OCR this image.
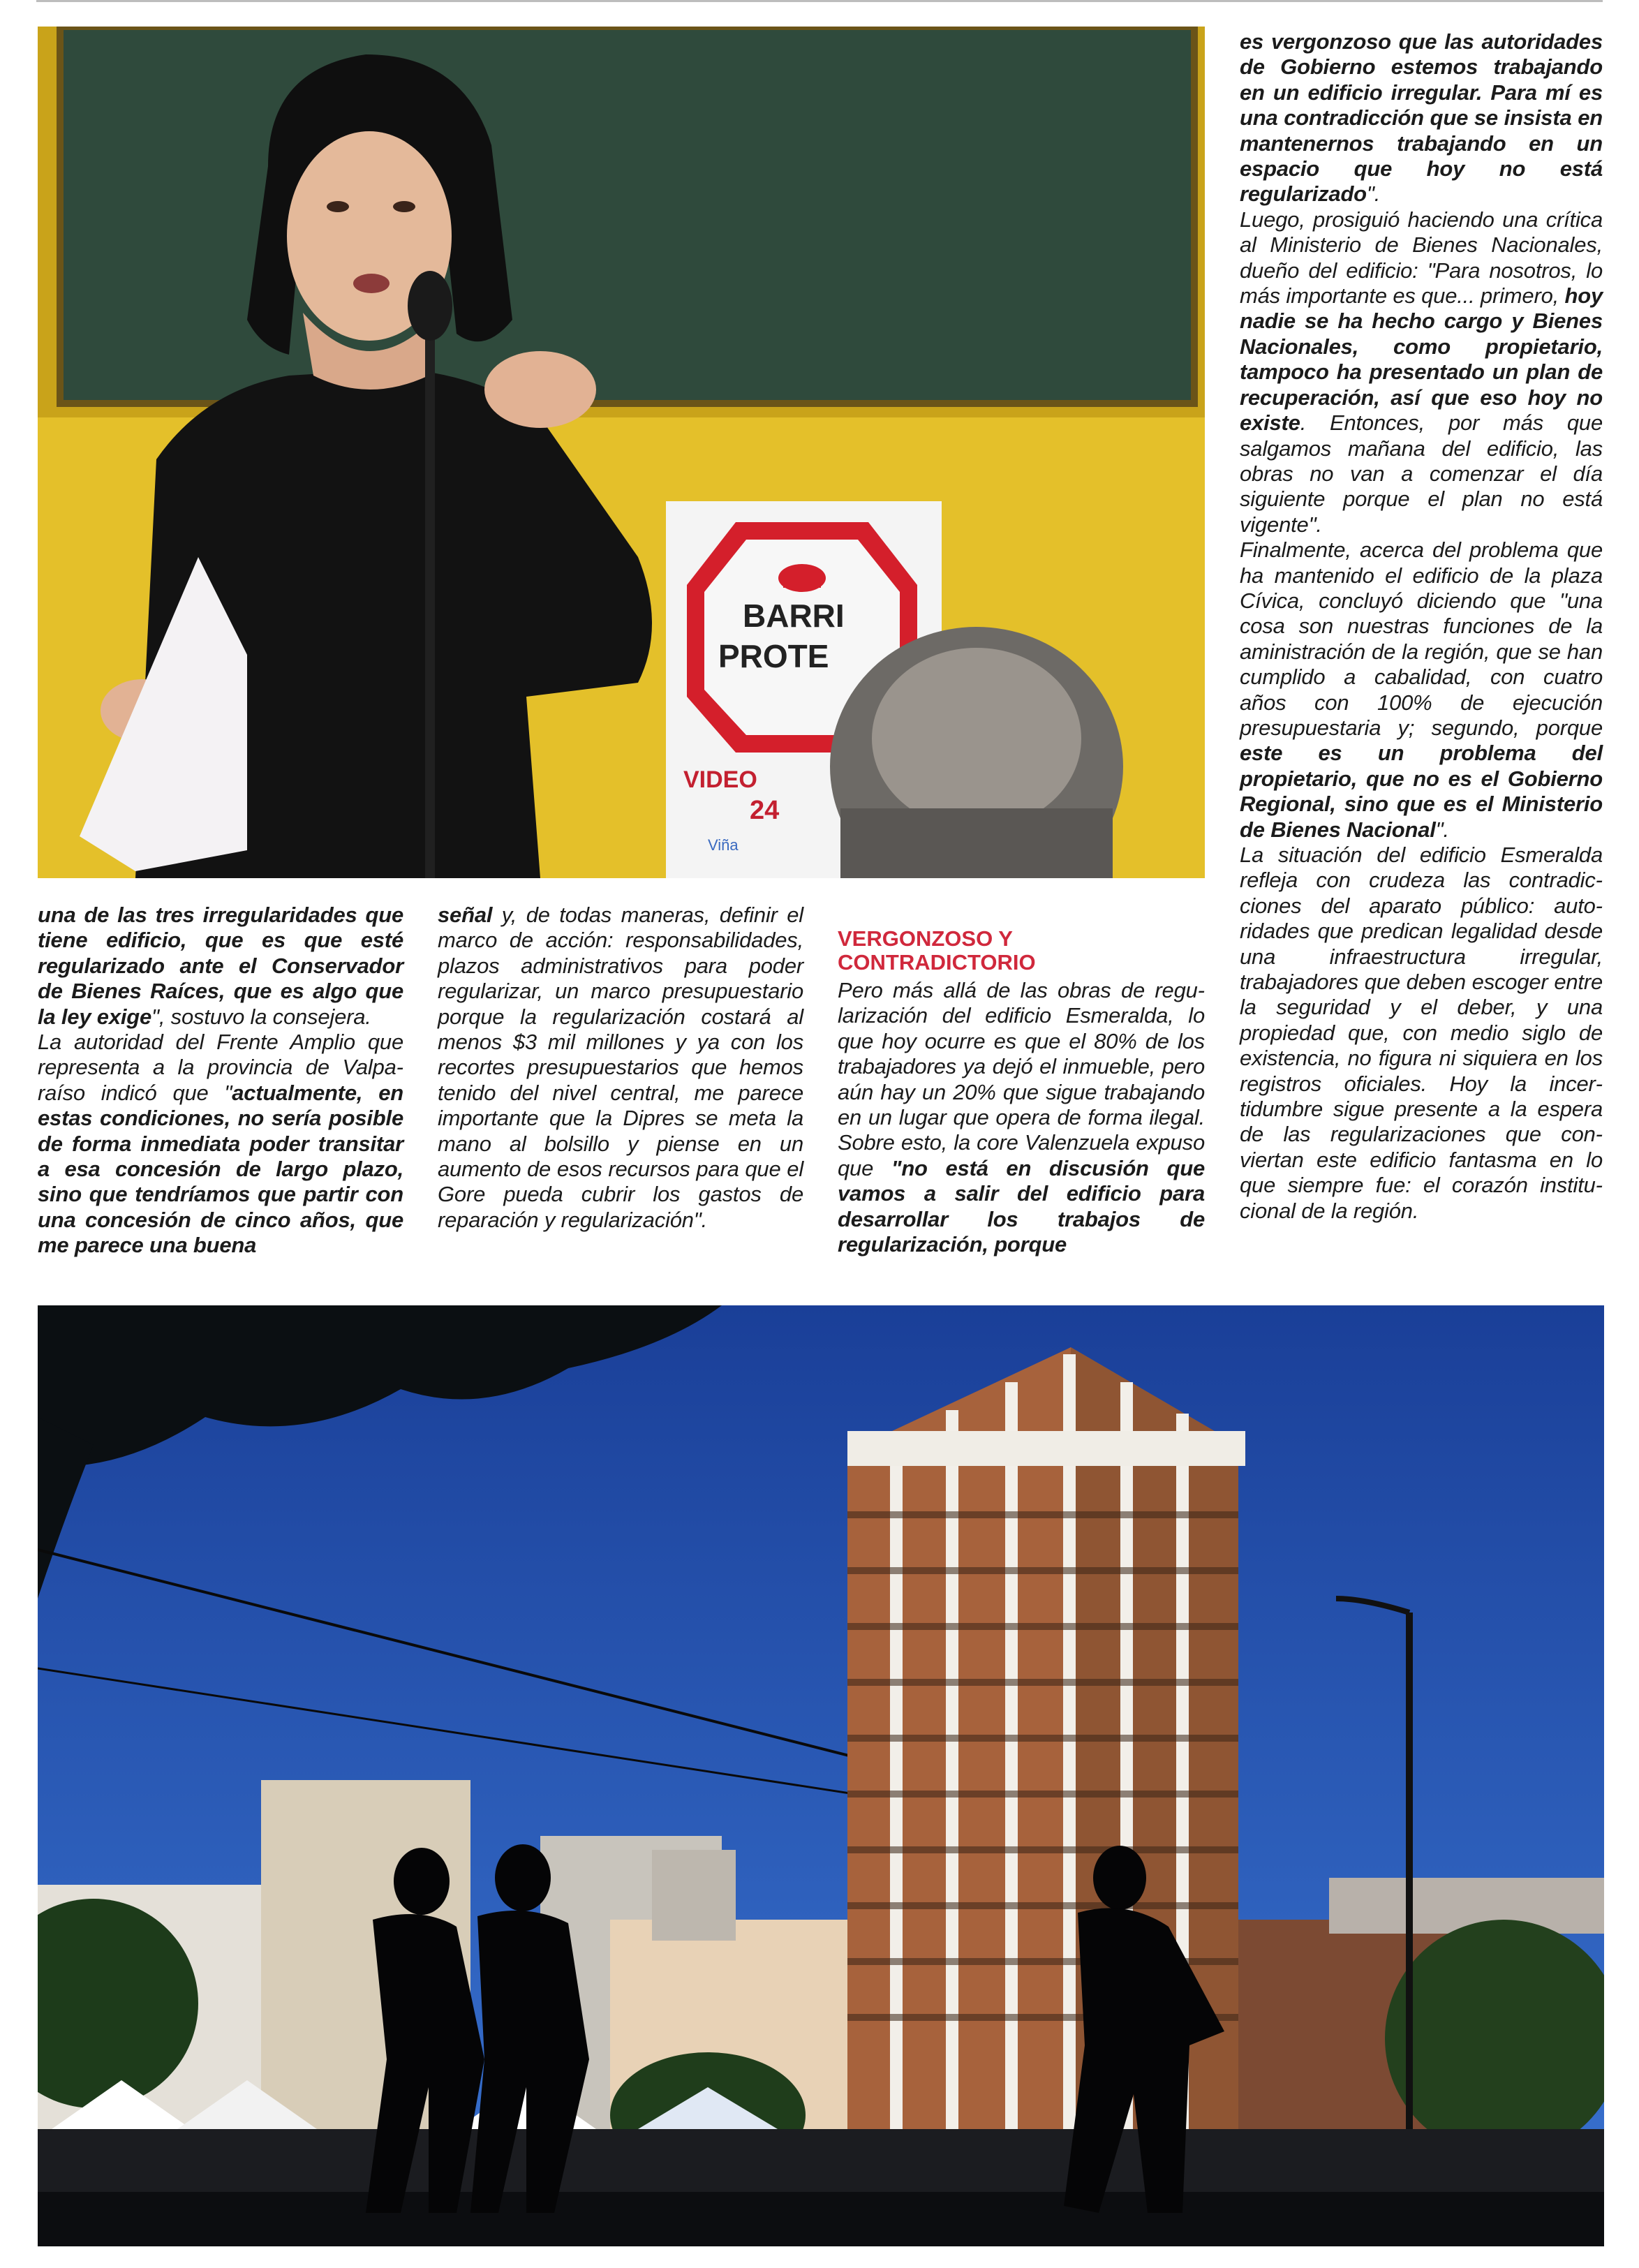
BARRI
PROTE
VIDEO
24
Viña

es vergonzoso que las autoridades de Gobierno estemos trabajando en un edificio irregular. Para mí es una contradicción que se insista en mantenernos trabajando en un espacio que hoy no está regularizado".

Luego, prosiguió haciendo una crítica al Ministerio de Bienes Nacionales, dueño del edificio: "Para nosotros, lo más importante es que... primero, hoy nadie se ha hecho cargo y Bienes Nacionales, como propietario, tampoco ha presentado un plan de recuperación, así que eso hoy no existe. Entonces, por más que salgamos mañana del edificio, las obras no van a comenzar el día siguiente porque el plan no está vigente".

Finalmente, acerca del problema que ha mantenido el edificio de la plaza Cívica, concluyó diciendo que "una cosa son nuestras funciones de la aministración de la región, que se han cumplido a cabalidad, con cuatro años con 100% de ejecución presupuestaria y; segundo, porque este es un problema del propietario, que no es el Gobierno Regional, sino que es el Ministerio de Bienes Nacional".

La situación del edificio Esmeralda refleja con crudeza las contradicciones del aparato público: autoridades que predican legalidad desde una infraestructura irregular, trabajadores que deben escoger entre la seguridad y el deber, y una propiedad que, con medio siglo de existencia, no figura ni siquiera en los registros oficiales. Hoy la incertidumbre sigue presente a la espera de las regularizaciones que conviertan este edificio fantasma en lo que siempre fue: el corazón institucional de la región.

una de las tres irregularidades que tiene edificio, que es que esté regularizado ante el Conservador de Bienes Raíces, que es algo que la ley exige", sostuvo la consejera.

La autoridad del Frente Amplio que representa a la provincia de Valparaíso indicó que "actualmente, en estas condiciones, no sería posible de forma inmediata poder transitar a esa concesión de largo plazo, sino que tendríamos que partir con una concesión de cinco años, que me parece una buena

señal y, de todas maneras, definir el marco de acción: responsabilidades, plazos administrativos para poder regularizar, un marco presupuestario porque la regularización costará al menos $3 mil millones y ya con los recortes presupuestarios que hemos tenido del nivel central, me parece importante que la Dipres se meta la mano al bolsillo y piense en un aumento de esos recursos para que el Gore pueda cubrir los gastos de reparación y regularización".

VERGONZOSO Y CONTRADICTORIO

Pero más allá de las obras de regularización del edificio Esmeralda, lo que hoy ocurre es que el 80% de los trabajadores ya dejó el inmueble, pero aún hay un 20% que sigue trabajando en un lugar que opera de forma ilegal. Sobre esto, la core Valenzuela expuso que "no está en discusión que vamos a salir del edificio para desarrollar los trabajos de regularización, porque
